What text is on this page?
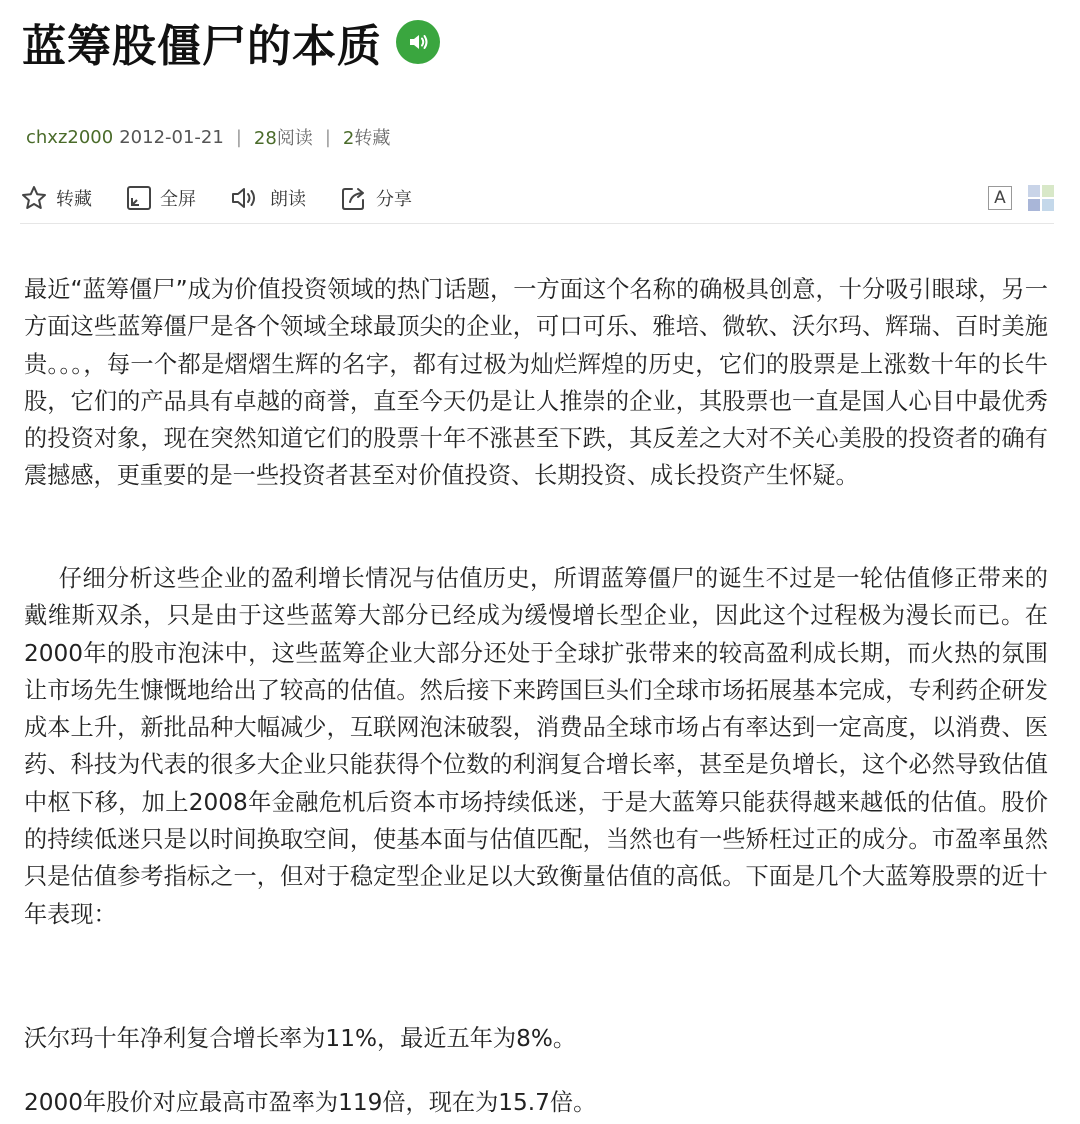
蓝筹股僵尸的本质
chxz2000 2012-01-21 | 28阅读 | 2转藏
转藏	全屏	朗读	分享	A

最近“蓝筹僵尸”成为价值投资领域的热门话题，一方面这个名称的确极具创意，十分吸引眼球，另一方面这些蓝筹僵尸是各个领域全球最顶尖的企业，可口可乐、雅培、微软、沃尔玛、辉瑞、百时美施贵。。。，每一个都是熠熠生辉的名字，都有过极为灿烂辉煌的历史，它们的股票是上涨数十年的长牛股，它们的产品具有卓越的商誉，直至今天仍是让人推崇的企业，其股票也一直是国人心目中最优秀的投资对象，现在突然知道它们的股票十年不涨甚至下跌，其反差之大对不关心美股的投资者的确有震撼感，更重要的是一些投资者甚至对价值投资、长期投资、成长投资产生怀疑。

仔细分析这些企业的盈利增长情况与估值历史，所谓蓝筹僵尸的诞生不过是一轮估值修正带来的戴维斯双杀，只是由于这些蓝筹大部分已经成为缓慢增长型企业，因此这个过程极为漫长而已。在2000年的股市泡沫中，这些蓝筹企业大部分还处于全球扩张带来的较高盈利成长期，而火热的氛围让市场先生慷慨地给出了较高的估值。然后接下来跨国巨头们全球市场拓展基本完成，专利药企研发成本上升，新批品种大幅减少，互联网泡沫破裂，消费品全球市场占有率达到一定高度，以消费、医药、科技为代表的很多大企业只能获得个位数的利润复合增长率，甚至是负增长，这个必然导致估值中枢下移，加上2008年金融危机后资本市场持续低迷，于是大蓝筹只能获得越来越低的估值。股价的持续低迷只是以时间换取空间，使基本面与估值匹配，当然也有一些矫枉过正的成分。市盈率虽然只是估值参考指标之一，但对于稳定型企业足以大致衡量估值的高低。下面是几个大蓝筹股票的近十年表现：

沃尔玛十年净利复合增长率为11%，最近五年为8%。

2000年股价对应最高市盈率为119倍，现在为15.7倍。
